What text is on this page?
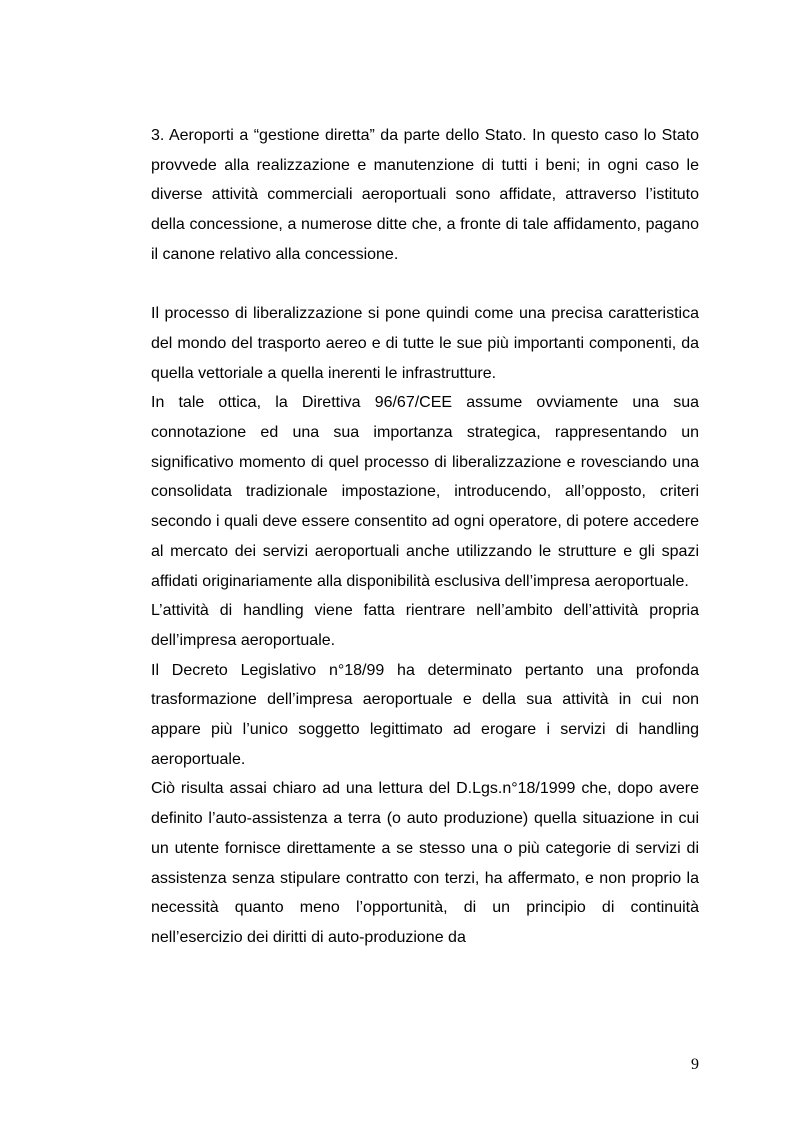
3. Aeroporti a “gestione diretta” da parte dello Stato. In questo caso lo Stato provvede alla realizzazione e manutenzione di tutti i beni; in ogni caso le diverse attività commerciali aeroportuali sono affidate, attraverso l’istituto della concessione, a numerose ditte che, a fronte di tale affidamento, pagano il canone relativo alla concessione.

Il processo di liberalizzazione si pone quindi come una precisa caratteristica del mondo del trasporto aereo e di tutte le sue più importanti componenti, da quella vettoriale a quella inerenti le infrastrutture.

In tale ottica, la Direttiva 96/67/CEE assume ovviamente una sua connotazione ed una sua importanza strategica, rappresentando un significativo momento di quel processo di liberalizzazione e rovesciando una consolidata tradizionale impostazione, introducendo, all’opposto, criteri secondo i quali deve essere consentito ad ogni operatore, di potere accedere al mercato dei servizi aeroportuali anche utilizzando le strutture e gli spazi affidati originariamente alla disponibilità esclusiva dell’impresa aeroportuale.

L’attività di handling viene fatta rientrare nell’ambito dell’attività propria dell’impresa aeroportuale.

Il Decreto Legislativo n°18/99 ha determinato pertanto una profonda trasformazione dell’impresa aeroportuale e della sua attività in cui non appare più l’unico soggetto legittimato ad erogare i servizi di handling aeroportuale.

Ciò risulta assai chiaro ad una lettura del D.Lgs.n°18/1999 che, dopo avere definito l’auto-assistenza a terra (o auto produzione) quella situazione in cui un utente fornisce direttamente a se stesso una o più categorie di servizi di assistenza senza stipulare contratto con terzi, ha affermato, e non proprio la necessità quanto meno l’opportunità, di un principio di continuità nell’esercizio dei diritti di auto-produzione da

9
